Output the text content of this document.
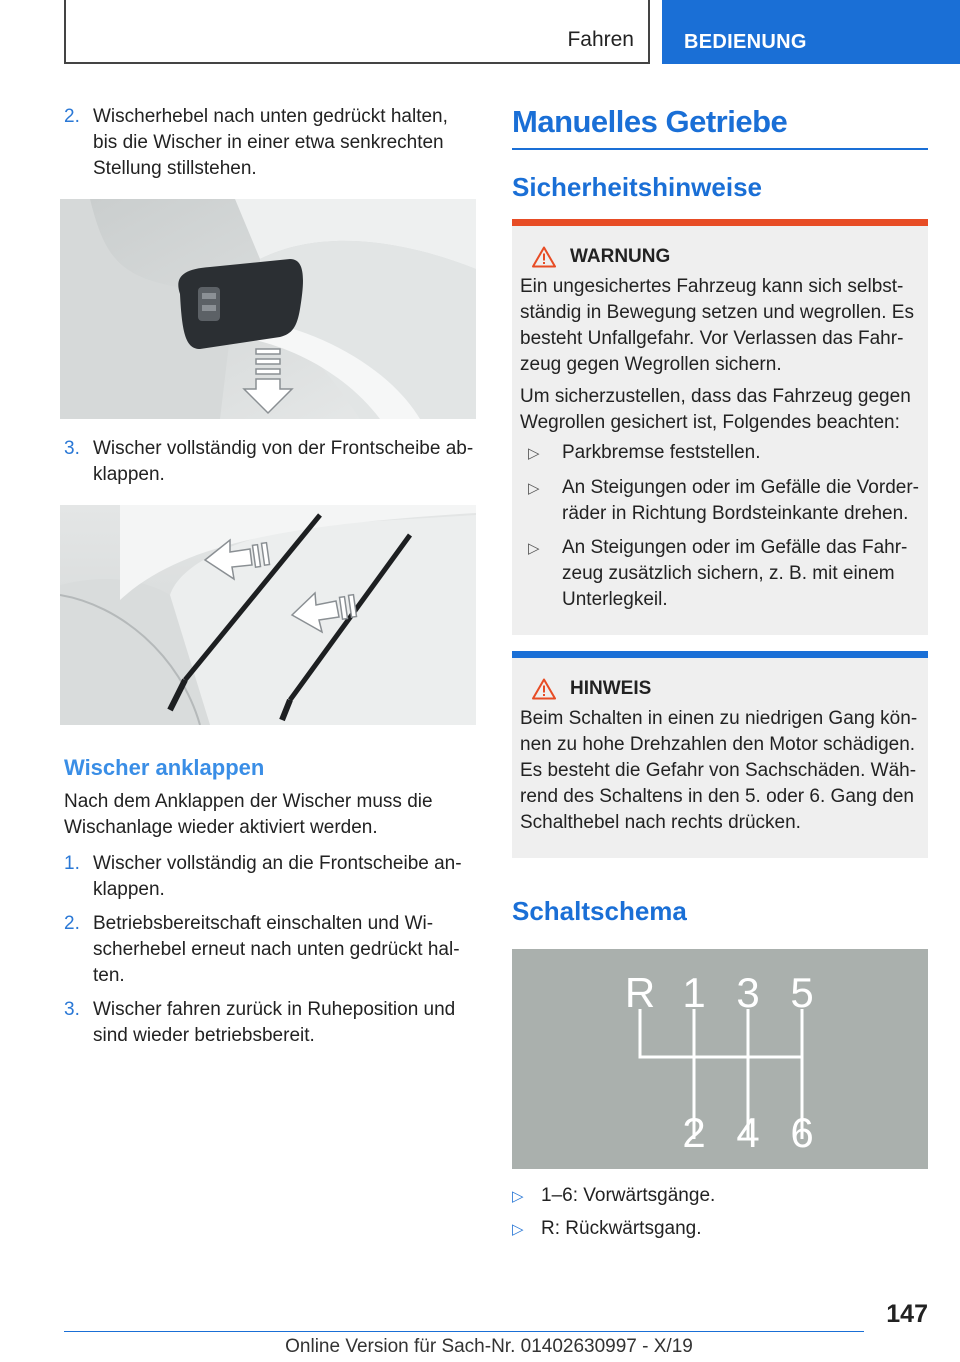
Fahren	BEDIENUNG
2. Wischerhebel nach unten gedrückt halten, bis die Wischer in einer etwa senkrechten Stellung stillstehen.
3. Wischer vollständig von der Frontscheibe abklappen.
Wischer anklappen

Nach dem Anklappen der Wischer muss die Wischanlage wieder aktiviert werden.

1. Wischer vollständig an die Frontscheibe anklappen.
2. Betriebsbereitschaft einschalten und Wischerhebel erneut nach unten gedrückt halten.
3. Wischer fahren zurück in Ruheposition und sind wieder betriebsbereit.
Manuelles Getriebe
Sicherheitshinweise
WARNUNG

Ein ungesichertes Fahrzeug kann sich selbstständig in Bewegung setzen und wegrollen. Es besteht Unfallgefahr. Vor Verlassen das Fahrzeug gegen Wegrollen sichern.

Um sicherzustellen, dass das Fahrzeug gegen Wegrollen gesichert ist, Folgendes beachten:

▷	Parkbremse feststellen.
▷	An Steigungen oder im Gefälle die Vorderräder in Richtung Bordsteinkante drehen.
▷	An Steigungen oder im Gefälle das Fahrzeug zusätzlich sichern, z. B. mit einem Unterlegkeil.
HINWEIS

Beim Schalten in einen zu niedrigen Gang können zu hohe Drehzahlen den Motor schädigen. Es besteht die Gefahr von Sachschäden. Während des Schaltens in den 5. oder 6. Gang den Schalthebel nach rechts drücken.

Schaltschema
R 1 3 5
2 4 6
▷ 1–6: Vorwärtsgänge.
▷ R: Rückwärtsgang.
147
Online Version für Sach-Nr. 01402630997 - X/19
